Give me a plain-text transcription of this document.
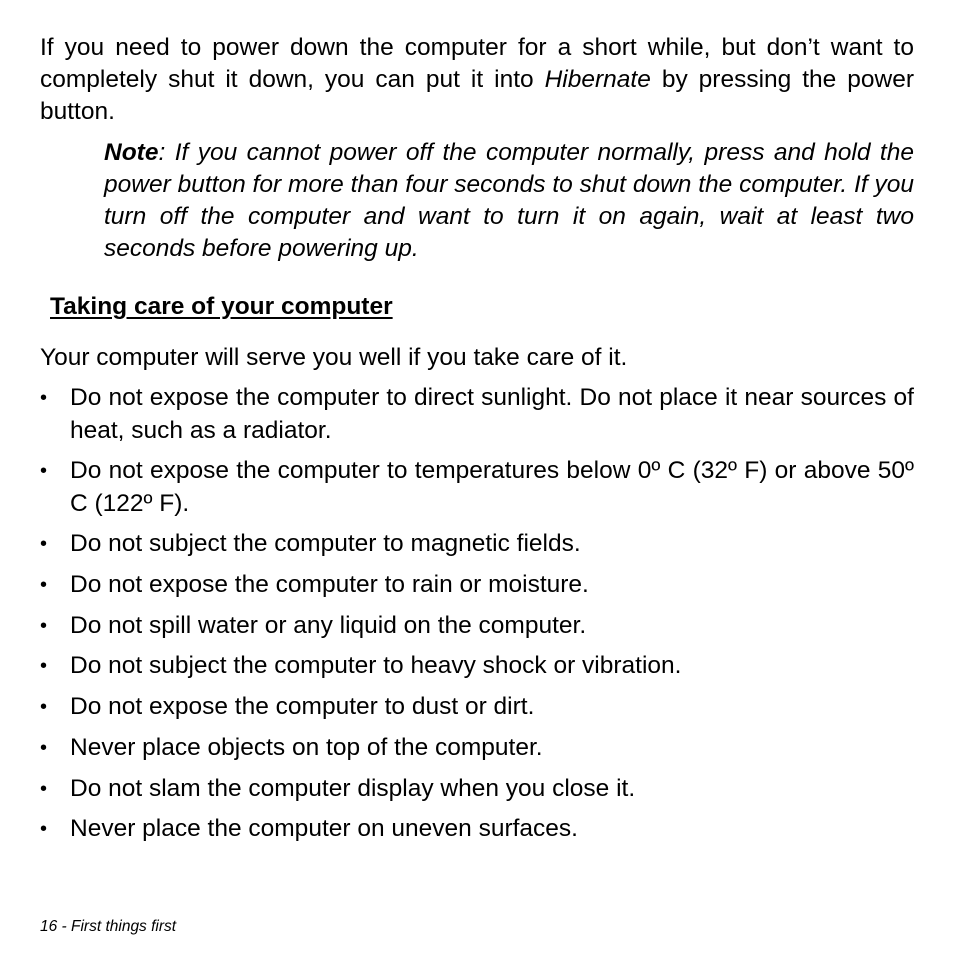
If you need to power down the computer for a short while, but don’t want to completely shut it down, you can put it into Hibernate by pressing the power button.

Note: If you cannot power off the computer normally, press and hold the power button for more than four seconds to shut down the computer. If you turn off the computer and want to turn it on again, wait at least two seconds before powering up.

Taking care of your computer

Your computer will serve you well if you take care of it.

• Do not expose the computer to direct sunlight. Do not place it near sources of heat, such as a radiator.
• Do not expose the computer to temperatures below 0º C (32º F) or above 50º C (122º F).
• Do not subject the computer to magnetic fields.
• Do not expose the computer to rain or moisture.
• Do not spill water or any liquid on the computer.
• Do not subject the computer to heavy shock or vibration.
• Do not expose the computer to dust or dirt.
• Never place objects on top of the computer.
• Do not slam the computer display when you close it.
• Never place the computer on uneven surfaces.
16 - First things first
